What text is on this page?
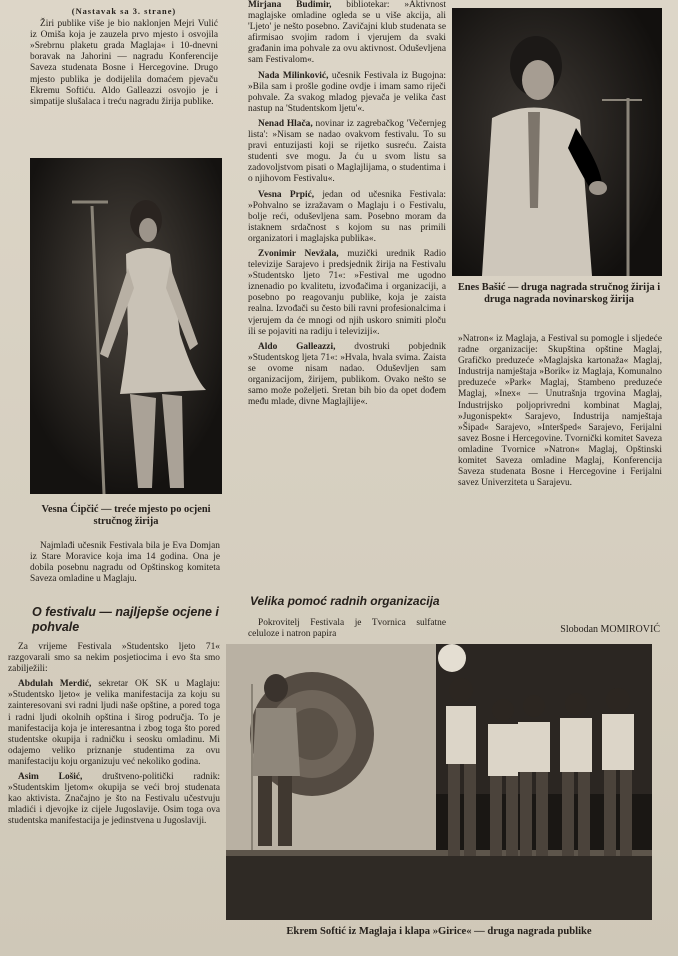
(Nastavak sa 3. strane)

Žiri publike više je bio naklonjen Mejri Vulić iz Omiša koja je zauzela prvo mjesto i osvojila »Srebrnu plaketu grada Maglaja« i 10-dnevni boravak na Jahorini — nagradu Konferencije Saveza studenata Bosne i Hercegovine. Drugo mjesto publika je dodijelila domaćem pjevaču Ekremu Softiću. Aldo Galleazzi osvojio je i simpatije slušalaca i treću nagradu žirija publike.

Vesna Ćipčić — treće mjesto po ocjeni stručnog žirija

Najmlađi učesnik Festivala bila je Eva Domjan iz Stare Moravice koja ima 14 godina. Ona je dobila posebnu nagradu od Opštinskog komiteta Saveza omladine u Maglaju.

O festivalu — najljepše ocjene i pohvale

Za vrijeme Festivala »Studentsko ljeto 71« razgovarali smo sa nekim posjetiocima i evo šta smo zabilježili:

Abdulah Merdić, sekretar OK SK u Maglaju: »Studentsko ljeto« je velika manifestacija za koju su zainteresovani svi radni ljudi naše opštine, a pored toga i radni ljudi okolnih opština i širog područja. To je manifestacija koja je interesantna i zbog toga što pored studentske okupija i radničku i seosku omladinu. Mi odajemo veliko priznanje studentima za ovu manifestaciju koju organizuju već nekoliko godina.

Asim Lošić, društveno-politički radnik: »Studentskim ljetom« okupija se veći broj studenata kao aktivista. Značajno je što na Festivalu učestvuju mladići i djevojke iz cijele Jugoslavije. Osim toga ova studentska manifestacija je jedinstvena u Jugoslaviji.

Mirjana Budimir, bibliotekar: »Aktivnost maglajske omladine ogleda se u više akcija, ali 'Ljeto' je nešto posebno. Zavičajni klub studenata se afirmisao svojim radom i vjerujem da svaki građanin ima pohvale za ovu aktivnost. Oduševljena sam Festivalom«.

Nada Milinković, učesnik Festivala iz Bugojna: »Bila sam i prošle godine ovdje i imam samo riječi pohvale. Za svakog mladog pjevača je velika čast nastup na 'Studentskom ljetu'«.

Nenad Hlača, novinar iz zagrebačkog 'Večernjeg lista': »Nisam se nadao ovakvom festivalu. To su pravi entuzijasti koji se rijetko susreću. Zaista studenti sve mogu. Ja ću u svom listu sa zadovoljstvom pisati o Maglaјlijama, o studentima i o njihovom Festivalu«.

Vesna Prpić, jedan od učesnika Festivala: »Pohvalno se izražavam o Maglaju i o Festivalu, bolje reći, oduševljena sam. Posebno moram da istaknem srdačnost s kojom su nas primili organizatori i maglajska publika«.

Zvonimir Nevžala, muzički urednik Radio televizije Sarajevo i predsjednik žirija na Festivalu »Studentsko ljeto 71«: »Festival me ugodno iznenadio po kvalitetu, izvođačima i organizaciji, a posebno po reagovanju publike, koja je zaista realna. Izvođači su često bili ravni profesionalcima i vjerujem da će mnogi od njih uskoro snimiti ploču ili se pojaviti na radiju i televiziji«.

Aldo Galleazzi, dvostruki pobjednik »Studentskog ljeta 71«: »Hvala, hvala svima. Zaista se ovome nisam nadao. Oduševljen sam organizacijom, žirijem, publikom. Ovako nešto se samo može poželjeti. Sretan bih bio da opet dođem među mlade, divne Maglajlije«.

Velika pomoć radnih organizacija

Pokrovitelj Festivala je Tvornica sulfatne celuloze i natron papira

Enes Bašić — druga nagrada stručnog žirija i druga nagrada novinarskog žirija

»Natron« iz Maglaja, a Festival su pomogle i sljedeće radne organizacije: Skupština opštine Maglaj, Grafičko preduzeće »Maglajska kartonaža« Maglaj, Industrija namještaja »Borik« iz Maglaja, Komunalno preduzeće »Park« Maglaj, Stambeno preduzeće Maglaj, »Inex« — Unutrašnja trgovina Maglaj, Industrijsko poljoprivredni kombinat Maglaj, »Jugonispekt« Sarajevo, Industrija namještaja »Šipad« Sarajevo, »Interšped« Sarajevo, Ferijalni savez Bosne i Hercegovine. Tvornički komitet Saveza omladine Tvornice »Natron« Maglaj, Opštinski komitet Saveza omladine Maglaj, Konferencija Saveza studenata Bosne i Hercegovine i Ferijalni savez Univerziteta u Sarajevu.

Slobodan MOMIROVIĆ
Ekrem Softić iz Maglaja i klapa »Girice« — druga nagrada publike
